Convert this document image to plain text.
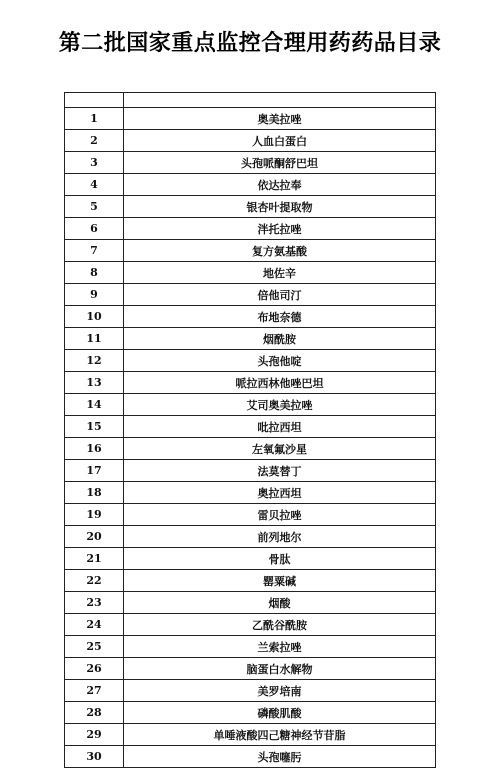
第二批国家重点监控合理用药药品目录

1	奥美拉唑
2	人血白蛋白
3	头孢哌酮舒巴坦
4	依达拉奉
5	银杏叶提取物
6	泮托拉唑
7	复方氨基酸
8	地佐辛
9	倍他司汀
10	布地奈德
11	烟酰胺
12	头孢他啶
13	哌拉西林他唑巴坦
14	艾司奥美拉唑
15	吡拉西坦
16	左氧氟沙星
17	法莫替丁
18	奥拉西坦
19	雷贝拉唑
20	前列地尔
21	骨肽
22	罂粟碱
23	烟酸
24	乙酰谷酰胺
25	兰索拉唑
26	脑蛋白水解物
27	美罗培南
28	磷酸肌酸
29	单唾液酸四己糖神经节苷脂
30	头孢噻肟
